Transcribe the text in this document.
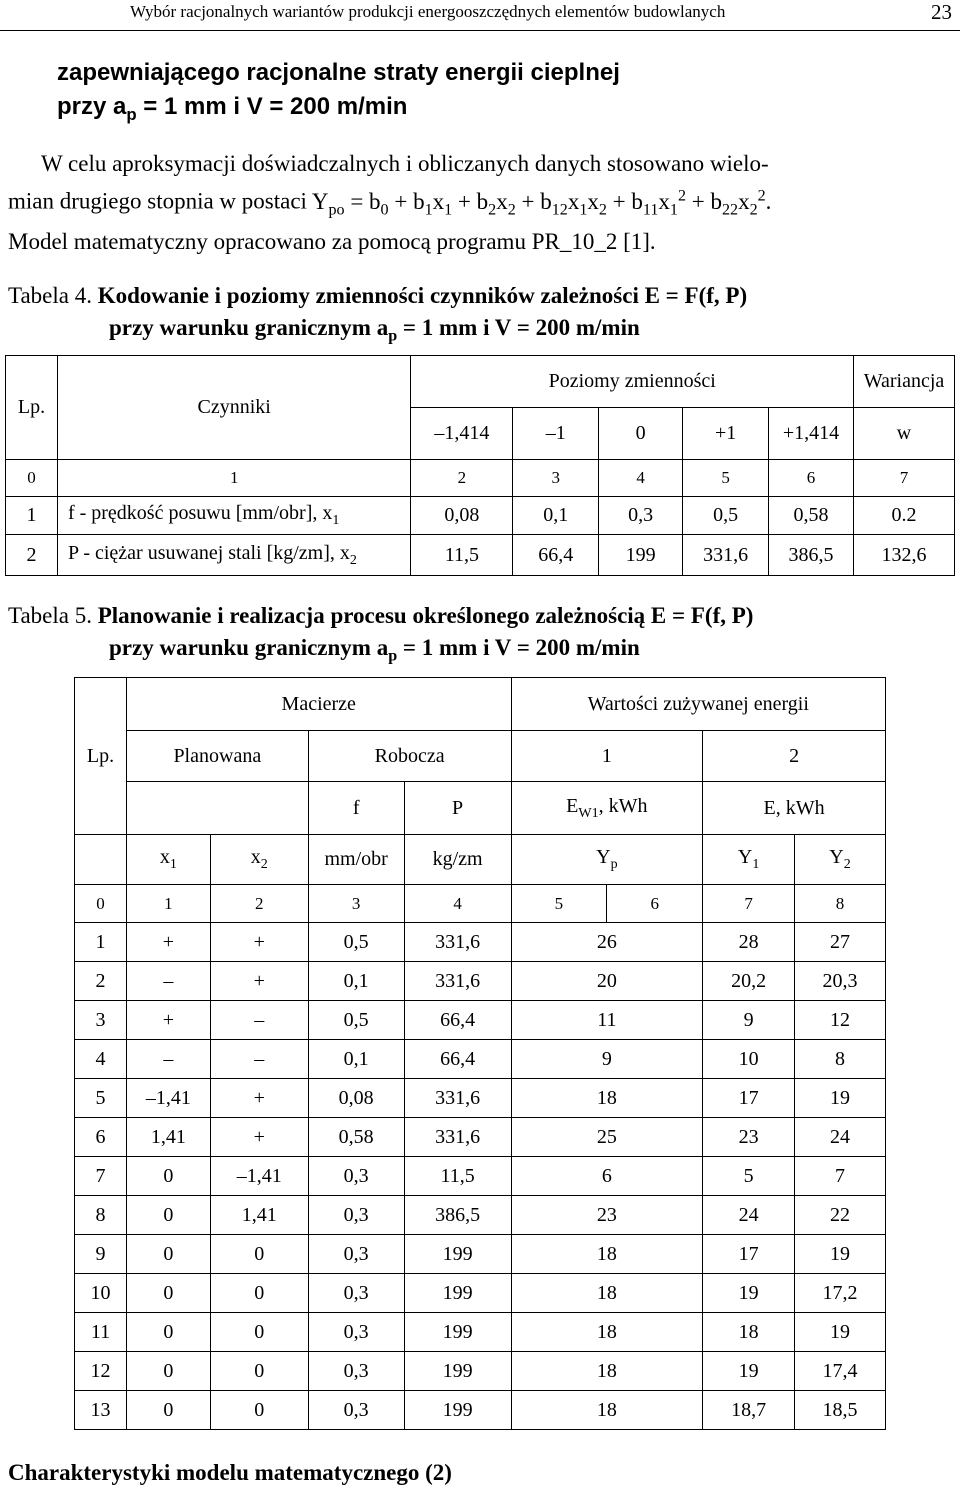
Wybór racjonalnych wariantów produkcji energooszczędnych elementów budowlanych	23
zapewniającego racjonalne straty energii cieplnej
przy $a_p = 1$ mm i V = 200 m/min
W celu aproksymacji doświadczalnych i obliczanych danych stosowano wielo-
mian drugiego stopnia w postaci $Y_{po} = b_0 + b_1x_1 + b_2x_2 + b_{12}x_1x_2 + b_{11}x_1^2 + b_{22}x_2^2$.
Model matematyczny opracowano za pomocą programu PR_10_2 [1].
Tabela 4. Kodowanie i poziomy zmienności czynników zależności E = F(f, P)
przy warunku granicznym $a_p = 1$ mm i V = 200 m/min
Lp.	Czynniki	Poziomy zmienności					Wariancja
		–1,414	–1	0	+1	+1,414	w
0	1	2	3	4	5	6	7
1	f - prędkość posuwu [mm/obr], $x_1$	0,08	0,1	0,3	0,5	0,58	0.2
2	P - ciężar usuwanej stali [kg/zm], $x_2$	11,5	66,4	199	331,6	386,5	132,6
Tabela 5. Planowanie i realizacja procesu określonego zależnością E = F(f, P)
przy warunku granicznym $a_p = 1$ mm i V = 200 m/min
Lp.	Macierze				Wartości zużywanej energii			
	Planowana		Robocza		1		2	
			f	P	$E_{W1}$, kWh		E, kWh	
	$x_1$	$x_2$	mm/obr	kg/zm	$Y_p$		$Y_1$	$Y_2$
0	1	2	3	4	5	6	7	8
1	+	+	0,5	331,6	26		28	27
2	–	+	0,1	331,6	20		20,2	20,3
3	+	–	0,5	66,4	11		9	12
4	–	–	0,1	66,4	9		10	8
5	–1,41	+	0,08	331,6	18		17	19
6	1,41	+	0,58	331,6	25		23	24
7	0	–1,41	0,3	11,5	6		5	7
8	0	1,41	0,3	386,5	23		24	22
9	0	0	0,3	199	18		17	19
10	0	0	0,3	199	18		19	17,2
11	0	0	0,3	199	18		18	19
12	0	0	0,3	199	18		19	17,4
13	0	0	0,3	199	18		18,7	18,5
Charakterystyki modelu matematycznego (2)
